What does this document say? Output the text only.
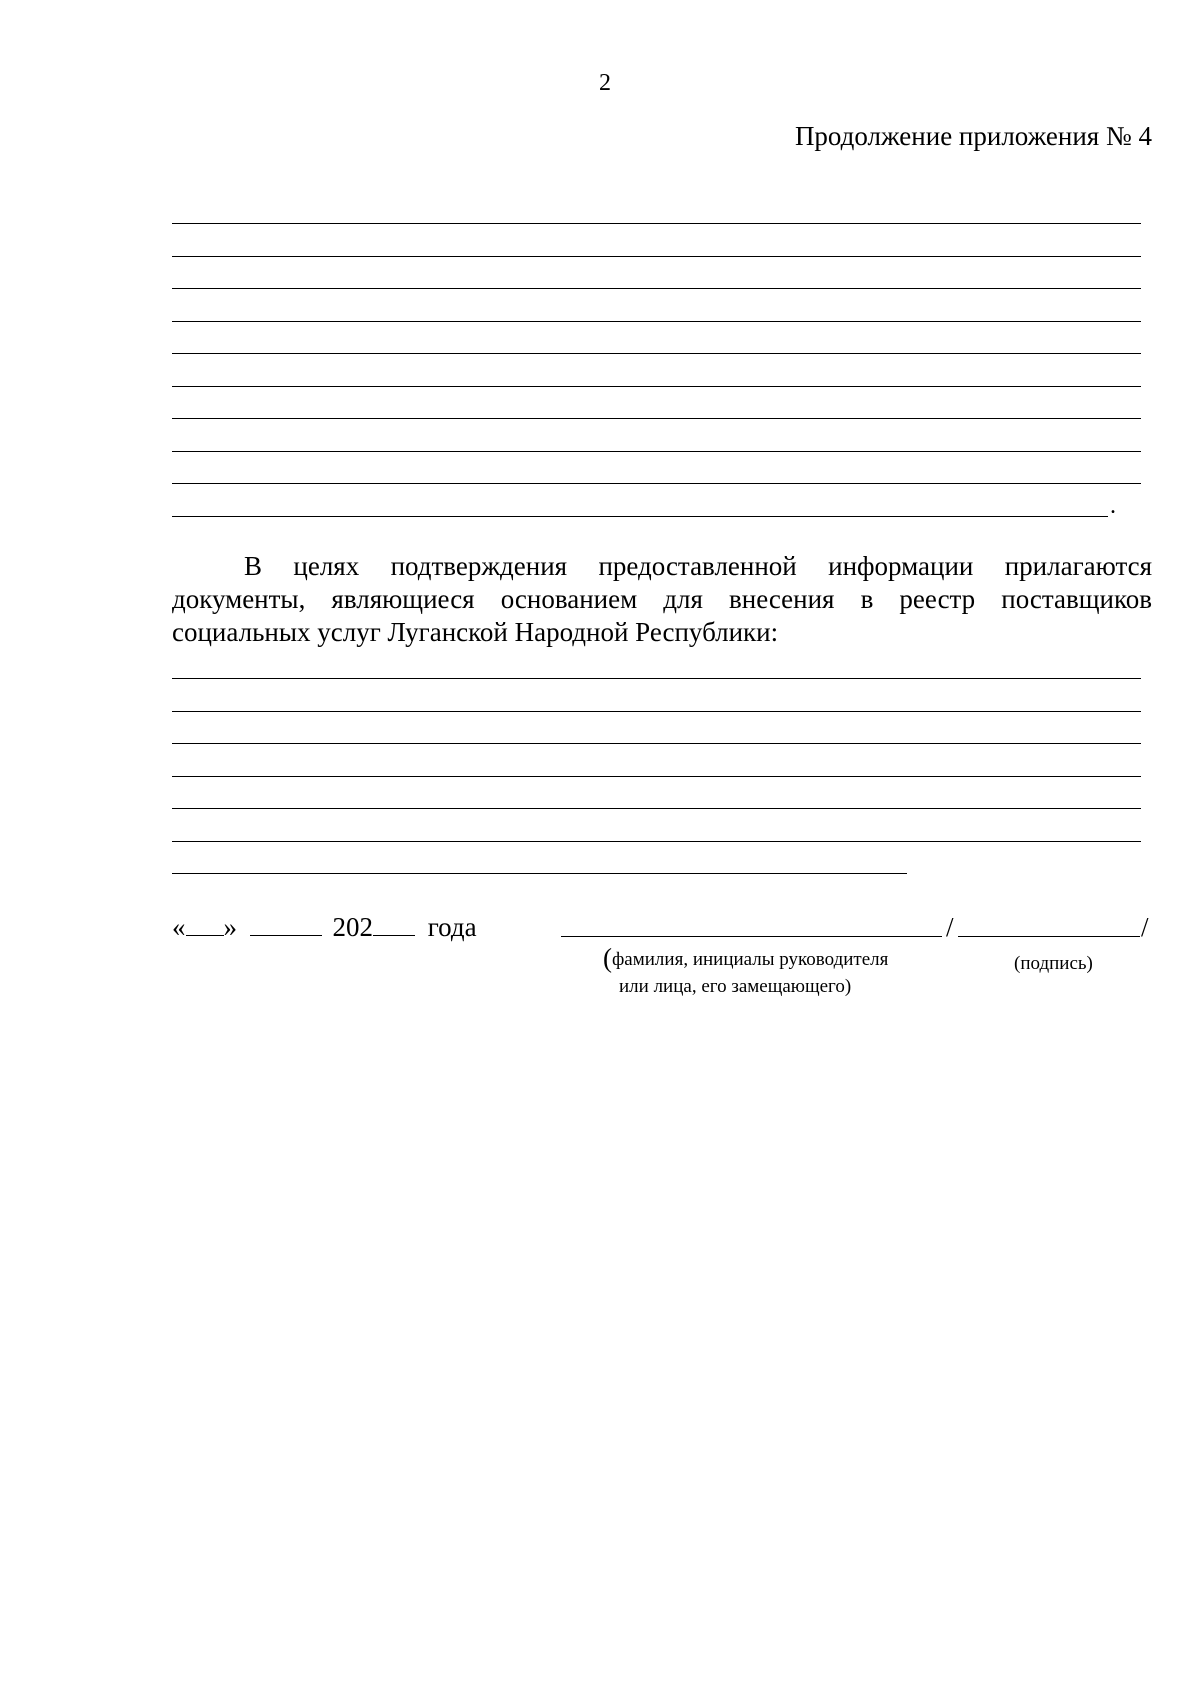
2
Продолжение приложения № 4
.

В целях подтверждения предоставленной информации прилагаются документы, являющиеся основанием для внесения в реестр поставщиков социальных услуг Луганской Народной Республики:

« »	202 года	/	/
(фамилия, инициалы руководителя
или лица, его замещающего)
(подпись)
